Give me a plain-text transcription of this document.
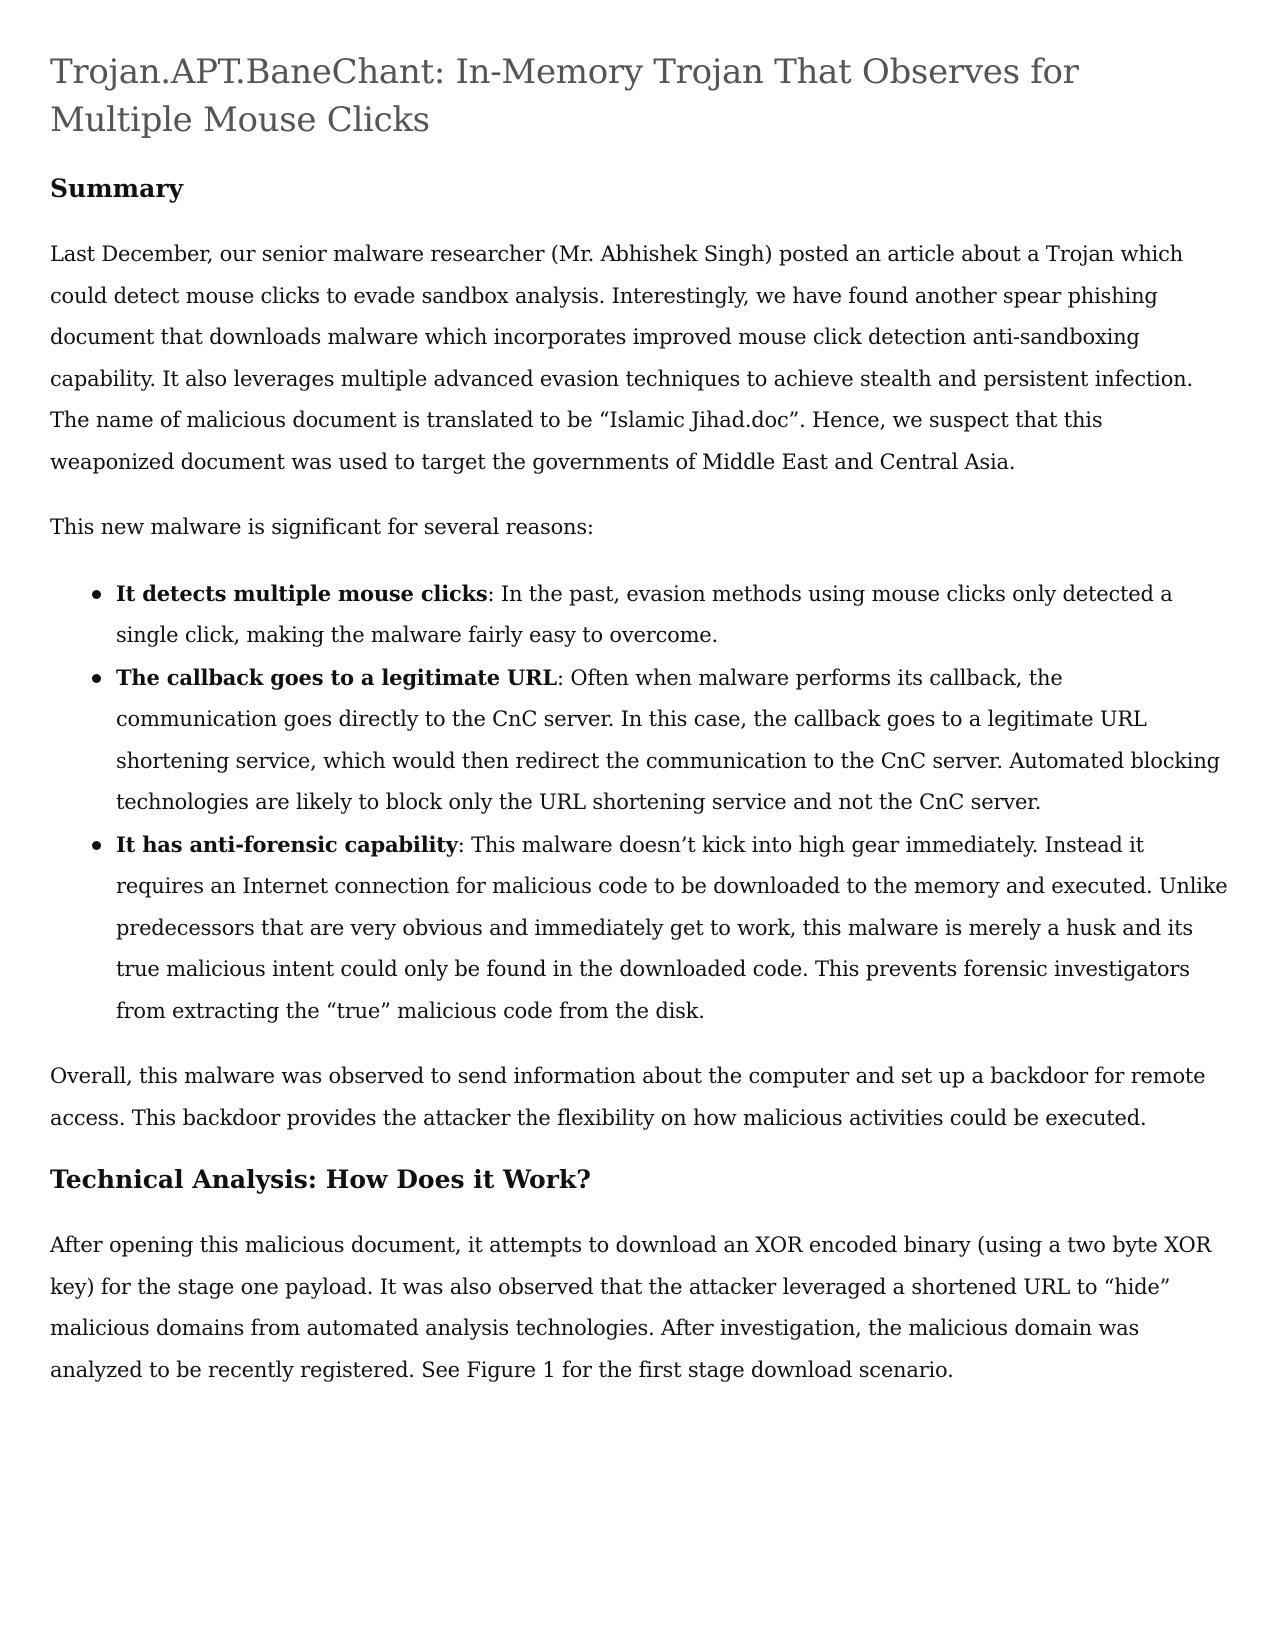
Trojan.APT.BaneChant: In-Memory Trojan That Observes for Multiple Mouse Clicks
Summary

Last December, our senior malware researcher (Mr. Abhishek Singh) posted an article about a Trojan which could detect mouse clicks to evade sandbox analysis. Interestingly, we have found another spear phishing document that downloads malware which incorporates improved mouse click detection anti-sandboxing capability. It also leverages multiple advanced evasion techniques to achieve stealth and persistent infection. The name of malicious document is translated to be “Islamic Jihad.doc”. Hence, we suspect that this weaponized document was used to target the governments of Middle East and Central Asia.

This new malware is significant for several reasons:

It detects multiple mouse clicks: In the past, evasion methods using mouse clicks only detected a single click, making the malware fairly easy to overcome.
The callback goes to a legitimate URL: Often when malware performs its callback, the communication goes directly to the CnC server. In this case, the callback goes to a legitimate URL shortening service, which would then redirect the communication to the CnC server. Automated blocking technologies are likely to block only the URL shortening service and not the CnC server.
It has anti-forensic capability: This malware doesn’t kick into high gear immediately. Instead it requires an Internet connection for malicious code to be downloaded to the memory and executed. Unlike predecessors that are very obvious and immediately get to work, this malware is merely a husk and its true malicious intent could only be found in the downloaded code. This prevents forensic investigators from extracting the “true” malicious code from the disk.

Overall, this malware was observed to send information about the computer and set up a backdoor for remote access. This backdoor provides the attacker the flexibility on how malicious activities could be executed.

Technical Analysis: How Does it Work?

After opening this malicious document, it attempts to download an XOR encoded binary (using a two byte XOR key) for the stage one payload. It was also observed that the attacker leveraged a shortened URL to “hide” malicious domains from automated analysis technologies. After investigation, the malicious domain was analyzed to be recently registered. See Figure 1 for the first stage download scenario.
